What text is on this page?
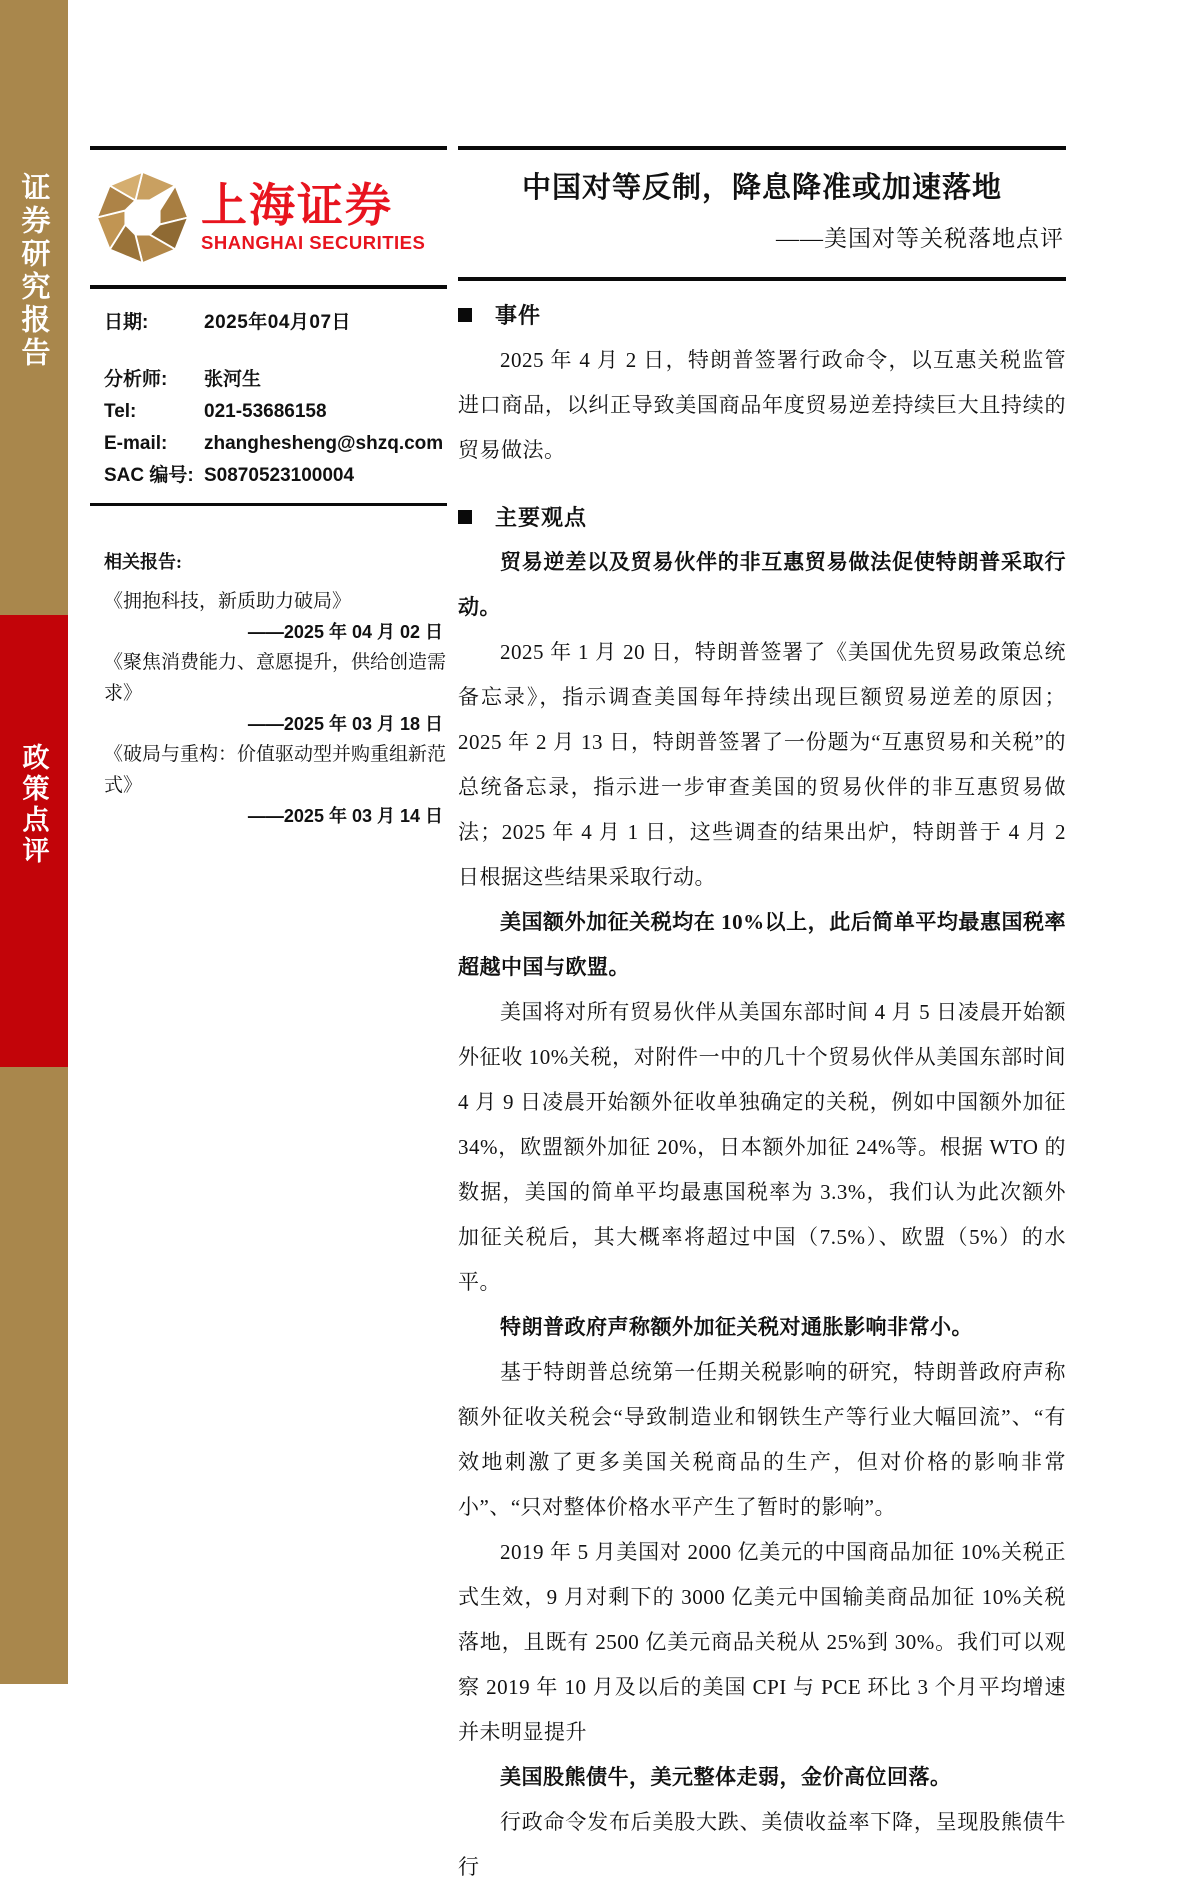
证券研究报告
政策点评
上海证券
SHANGHAI SECURITIES
日期:	2025年04月07日
分析师:	张河生
Tel:	021-53686158
E-mail:	zhanghesheng@shzq.com
SAC 编号: S0870523100004
相关报告:
《拥抱科技，新质助力破局》
——2025 年 04 月 02 日
《聚焦消费能力、意愿提升，供给创造需求》
——2025 年 03 月 18 日
《破局与重构：价值驱动型并购重组新范式》
——2025 年 03 月 14 日
中国对等反制，降息降准或加速落地
——美国对等关税落地点评
事件

2025 年 4 月 2 日，特朗普签署行政命令，以互惠关税监管进口商品，以纠正导致美国商品年度贸易逆差持续巨大且持续的贸易做法。

主要观点

贸易逆差以及贸易伙伴的非互惠贸易做法促使特朗普采取行动。

2025 年 1 月 20 日，特朗普签署了《美国优先贸易政策总统备忘录》，指示调查美国每年持续出现巨额贸易逆差的原因；2025 年 2 月 13 日，特朗普签署了一份题为“互惠贸易和关税”的总统备忘录，指示进一步审查美国的贸易伙伴的非互惠贸易做法；2025 年 4 月 1 日，这些调查的结果出炉，特朗普于 4 月 2 日根据这些结果采取行动。

美国额外加征关税均在 10%以上，此后简单平均最惠国税率超越中国与欧盟。

美国将对所有贸易伙伴从美国东部时间 4 月 5 日凌晨开始额外征收 10%关税，对附件一中的几十个贸易伙伴从美国东部时间 4 月 9 日凌晨开始额外征收单独确定的关税，例如中国额外加征 34%，欧盟额外加征 20%，日本额外加征 24%等。根据 WTO 的数据，美国的简单平均最惠国税率为 3.3%，我们认为此次额外加征关税后，其大概率将超过中国（7.5%）、欧盟（5%）的水平。

特朗普政府声称额外加征关税对通胀影响非常小。

基于特朗普总统第一任期关税影响的研究，特朗普政府声称额外征收关税会“导致制造业和钢铁生产等行业大幅回流”、“有效地刺激了更多美国关税商品的生产，但对价格的影响非常小”、“只对整体价格水平产生了暂时的影响”。

2019 年 5 月美国对 2000 亿美元的中国商品加征 10%关税正式生效，9 月对剩下的 3000 亿美元中国输美商品加征 10%关税落地，且既有 2500 亿美元商品关税从 25%到 30%。我们可以观察 2019 年 10 月及以后的美国 CPI 与 PCE 环比 3 个月平均增速并未明显提升

美国股熊债牛，美元整体走弱，金价高位回落。

行政命令发布后美股大跌、美债收益率下降，呈现股熊债牛行
